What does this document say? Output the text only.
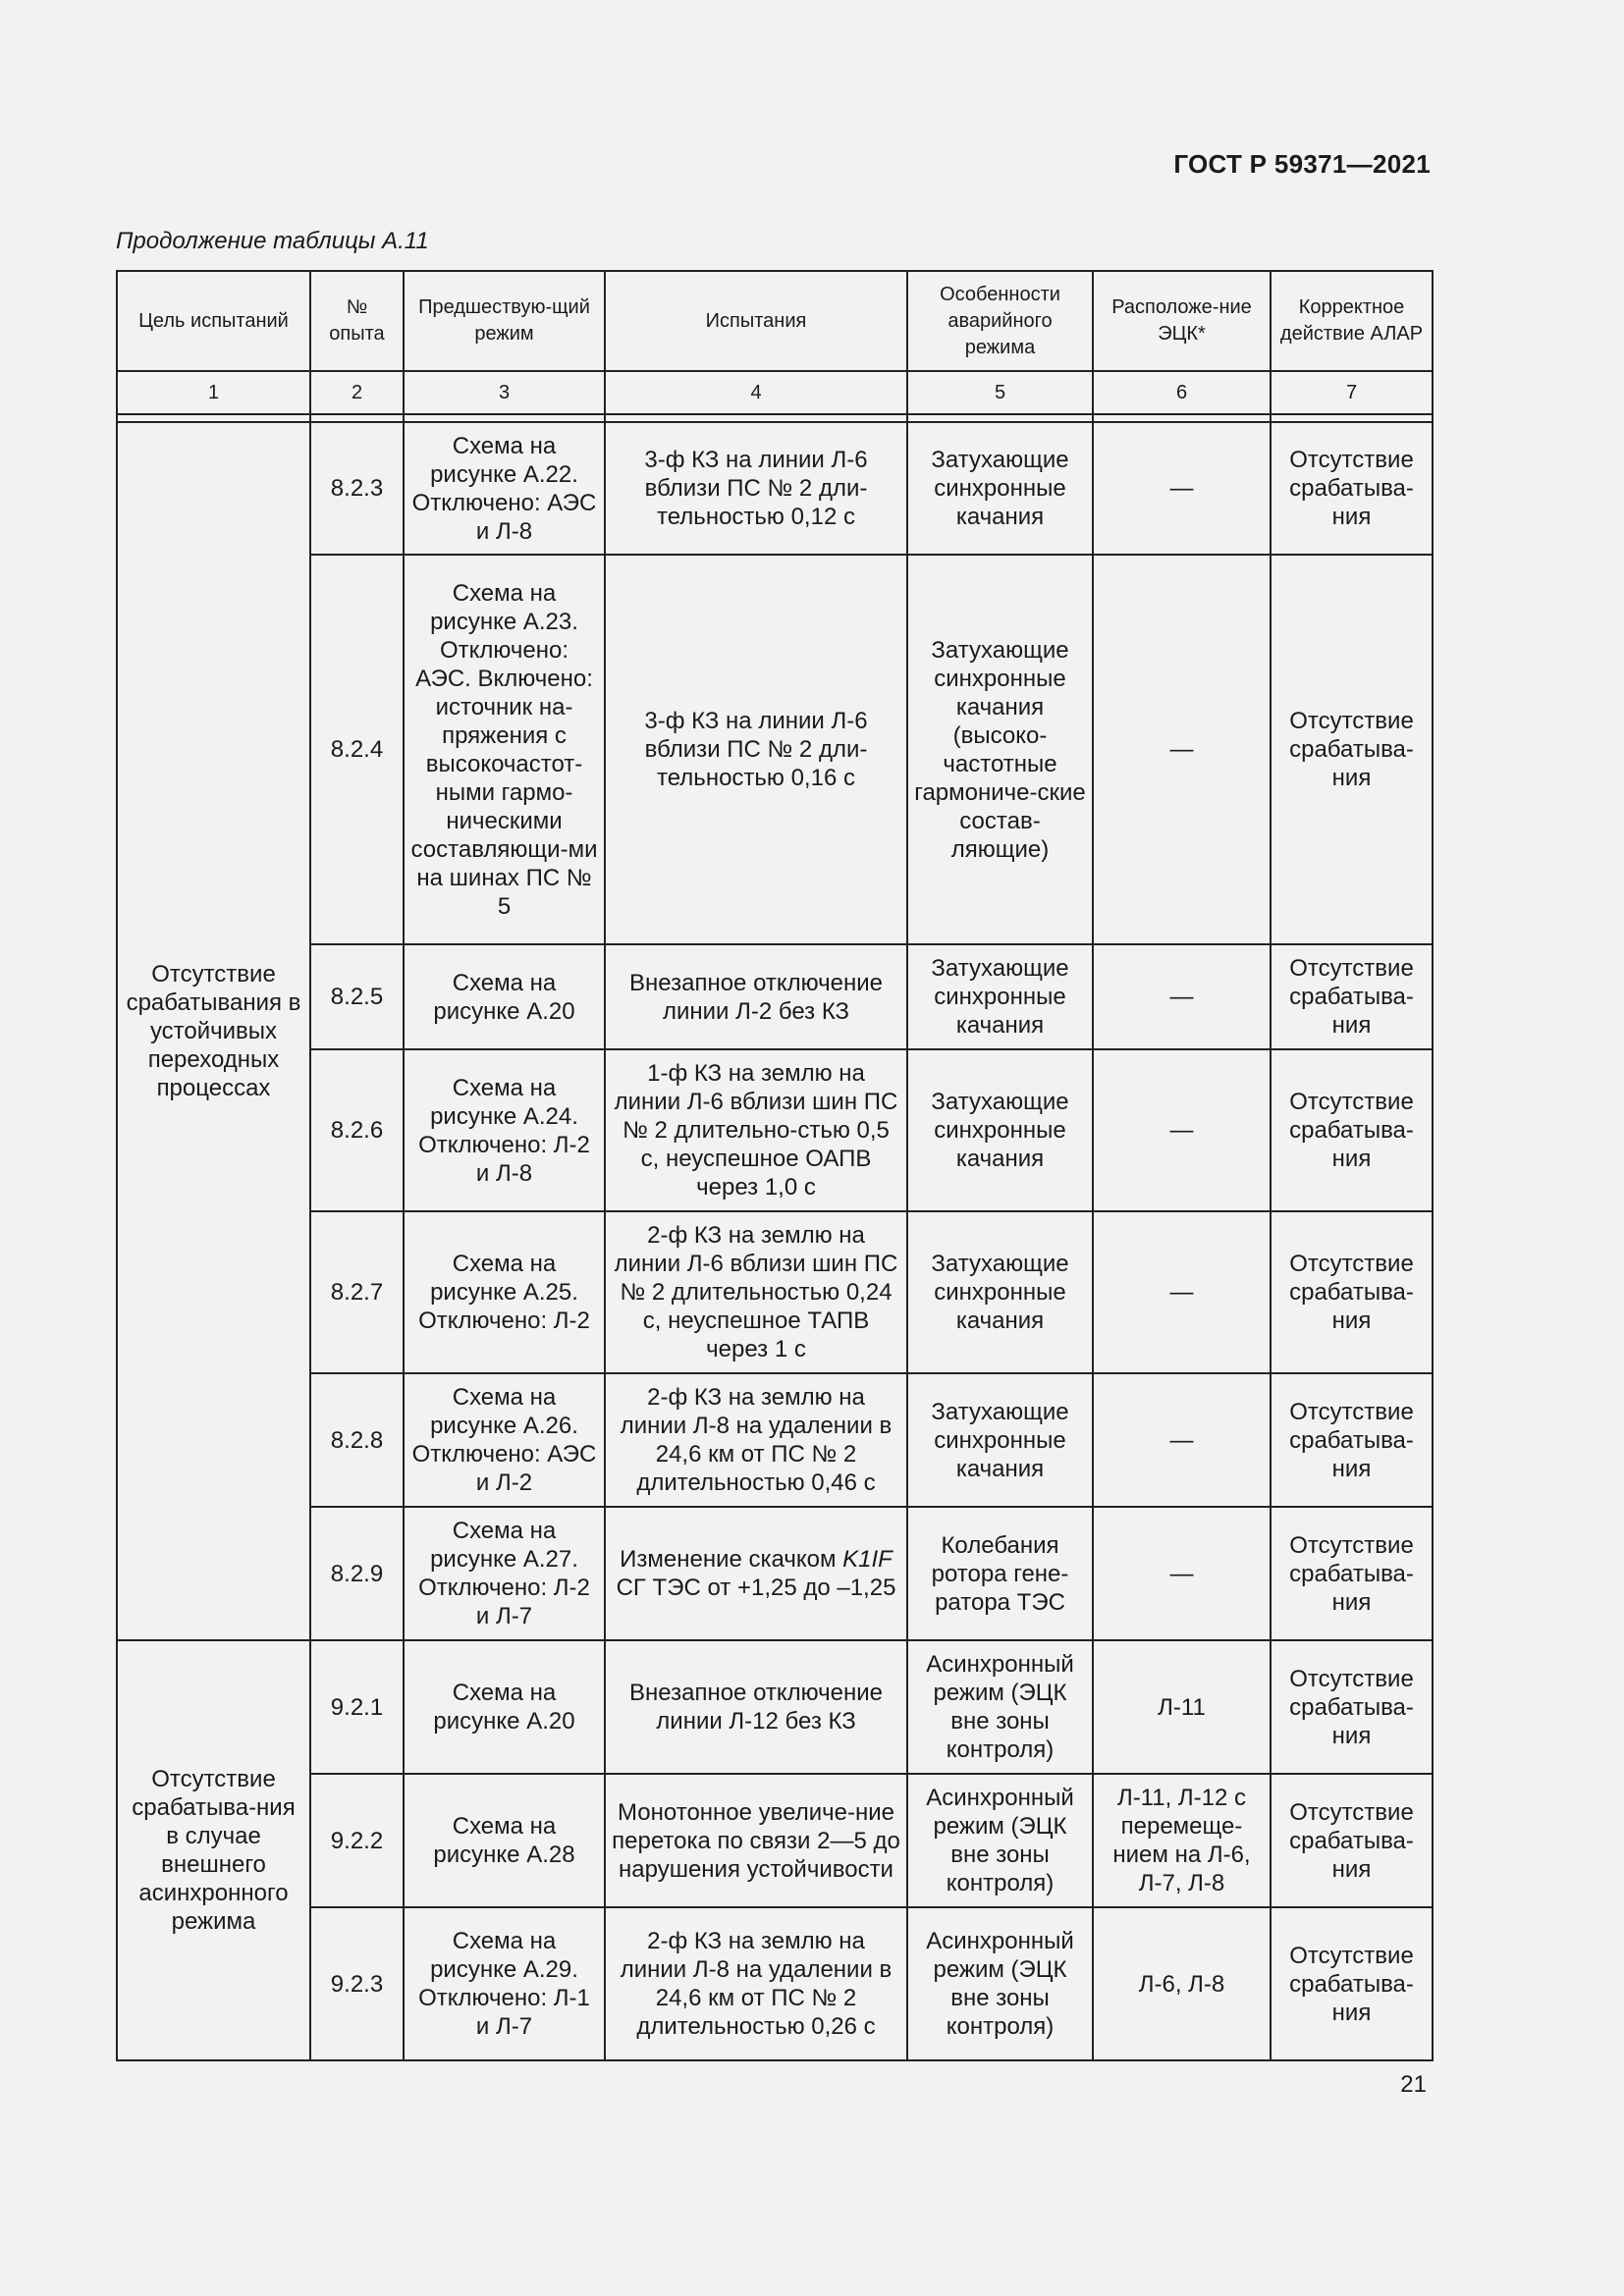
ГОСТ Р 59371—2021
Продолжение таблицы А.11
Цель испытаний	№ опыта	Предшествую-щий режим	Испытания	Особенности аварийного режима	Расположе-ние ЭЦК*	Корректное действие АЛАР
1	2	3	4	5	6	7

Отсутствие срабатывания в устойчивых переходных процессах	8.2.3	Схема на рисунке А.22. Отключено: АЭС и Л-8	3-ф КЗ на линии Л-6 вблизи ПС № 2 дли-тельностью 0,12 с	Затухающие синхронные качания	—	Отсутствие срабатыва-ния
	8.2.4	Схема на рисунке А.23. Отключено: АЭС. Включено: источник на-пряжения с высокочастот-ными гармо-ническими составляющи-ми на шинах ПС № 5	3-ф КЗ на линии Л-6 вблизи ПС № 2 дли-тельностью 0,16 с	Затухающие синхронные качания (высоко-частотные гармониче-ские состав-ляющие)	—	Отсутствие срабатыва-ния
	8.2.5	Схема на рисунке А.20	Внезапное отключение линии Л-2 без КЗ	Затухающие синхронные качания	—	Отсутствие срабатыва-ния
	8.2.6	Схема на рисунке А.24. Отключено: Л-2 и Л-8	1-ф КЗ на землю на линии Л-6 вблизи шин ПС № 2 длительно-стью 0,5 с, неуспешное ОАПВ через 1,0 с	Затухающие синхронные качания	—	Отсутствие срабатыва-ния
	8.2.7	Схема на рисунке А.25. Отключено: Л-2	2-ф КЗ на землю на линии Л-6 вблизи шин ПС № 2 длительностью 0,24 с, неуспешное ТАПВ через 1 с	Затухающие синхронные качания	—	Отсутствие срабатыва-ния
	8.2.8	Схема на рисунке А.26. Отключено: АЭС и Л-2	2-ф КЗ на землю на линии Л-8 на удалении в 24,6 км от ПС № 2 длительностью 0,46 с	Затухающие синхронные качания	—	Отсутствие срабатыва-ния
	8.2.9	Схема на рисунке А.27. Отключено: Л-2 и Л-7	Изменение скачком K1IF СГ ТЭС от +1,25 до –1,25	Колебания ротора гене-ратора ТЭС	—	Отсутствие срабатыва-ния
Отсутствие срабатыва-ния в случае внешнего асинхронного режима	9.2.1	Схема на рисунке А.20	Внезапное отключение линии Л-12 без КЗ	Асинхронный режим (ЭЦК вне зоны контроля)	Л-11	Отсутствие срабатыва-ния
	9.2.2	Схема на рисунке А.28	Монотонное увеличе-ние перетока по связи 2—5 до нарушения устойчивости	Асинхронный режим (ЭЦК вне зоны контроля)	Л-11, Л-12 с перемеще-нием на Л-6, Л-7, Л-8	Отсутствие срабатыва-ния
	9.2.3	Схема на рисунке А.29. Отключено: Л-1 и Л-7	2-ф КЗ на землю на линии Л-8 на удалении в 24,6 км от ПС № 2 длительностью 0,26 с	Асинхронный режим (ЭЦК вне зоны контроля)	Л-6, Л-8	Отсутствие срабатыва-ния
21
